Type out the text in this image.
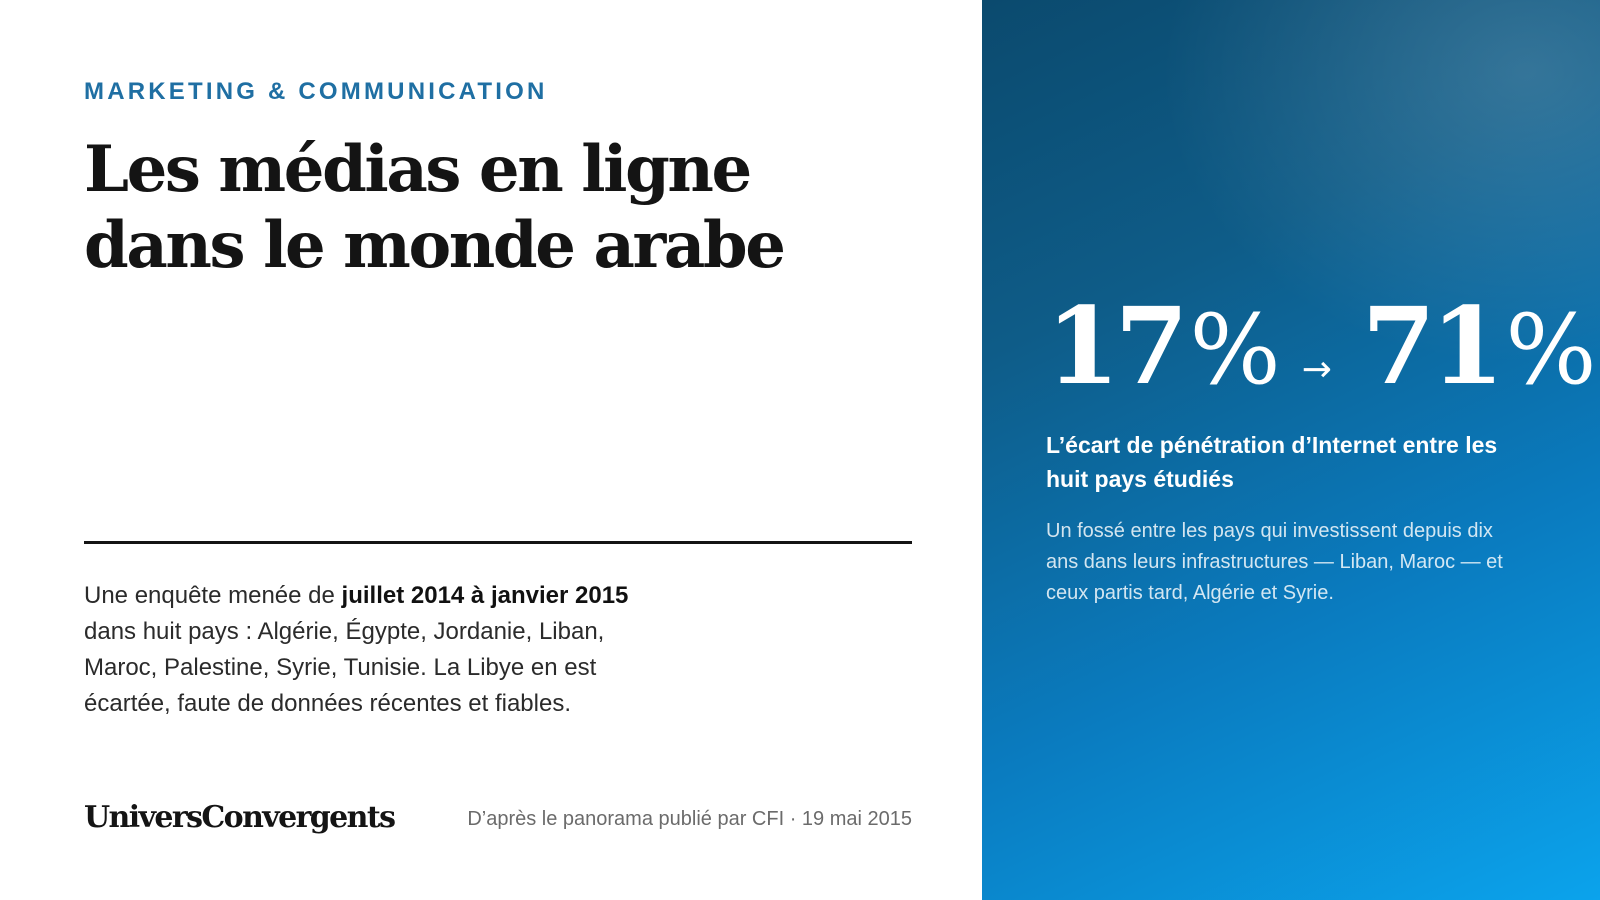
MARKETING & COMMUNICATION
Les médias en ligne
dans le monde arabe

Une enquête menée de juillet 2014 à janvier 2015 dans huit pays : Algérie, Égypte, Jordanie, Liban, Maroc, Palestine, Syrie, Tunisie. La Libye en est écartée, faute de données récentes et fiables.

UniversConvergents	D’après le panorama publié par CFI · 19 mai 2015
17% → 71%

L’écart de pénétration d’Internet entre les huit pays étudiés

Un fossé entre les pays qui investissent depuis dix ans dans leurs infrastructures — Liban, Maroc — et ceux partis tard, Algérie et Syrie.
